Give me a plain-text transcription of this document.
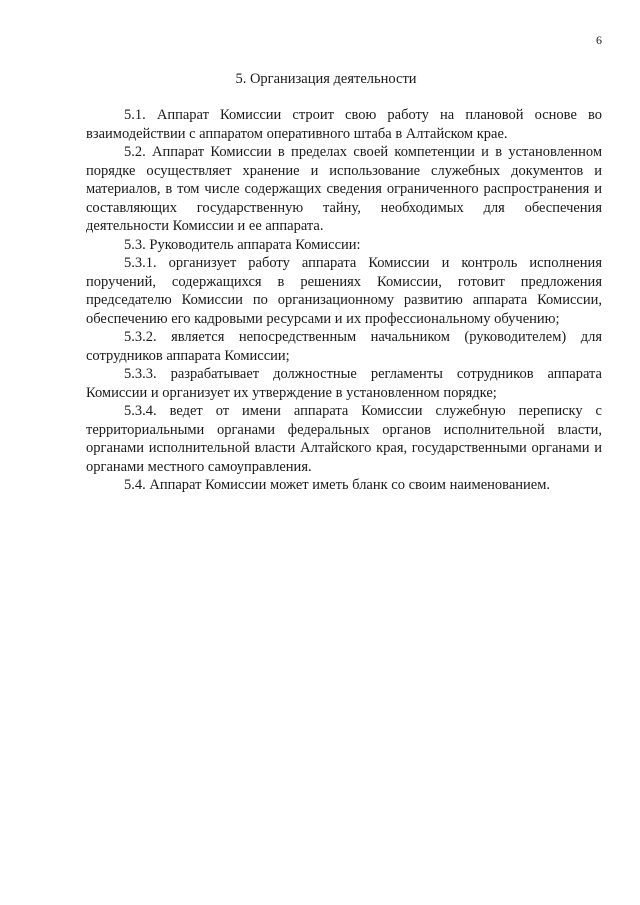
6
5. Организация деятельности

5.1. Аппарат Комиссии строит свою работу на плановой основе во взаимодействии с аппаратом оперативного штаба в Алтайском крае.

5.2. Аппарат Комиссии в пределах своей компетенции и в установленном порядке осуществляет хранение и использование служебных документов и материалов, в том числе содержащих сведения ограниченного распространения и составляющих государственную тайну, необходимых для обеспечения деятельности Комиссии и ее аппарата.

5.3. Руководитель аппарата Комиссии:

5.3.1. организует работу аппарата Комиссии и контроль исполнения поручений, содержащихся в решениях Комиссии, готовит предложения председателю Комиссии по организационному развитию аппарата Комиссии, обеспечению его кадровыми ресурсами и их профессиональному обучению;

5.3.2. является непосредственным начальником (руководителем) для сотрудников аппарата Комиссии;

5.3.3. разрабатывает должностные регламенты сотрудников аппарата Комиссии и организует их утверждение в установленном порядке;

5.3.4. ведет от имени аппарата Комиссии служебную переписку с территориальными органами федеральных органов исполнительной власти, органами исполнительной власти Алтайского края, государственными органами и органами местного самоуправления.

5.4. Аппарат Комиссии может иметь бланк со своим наименованием.
